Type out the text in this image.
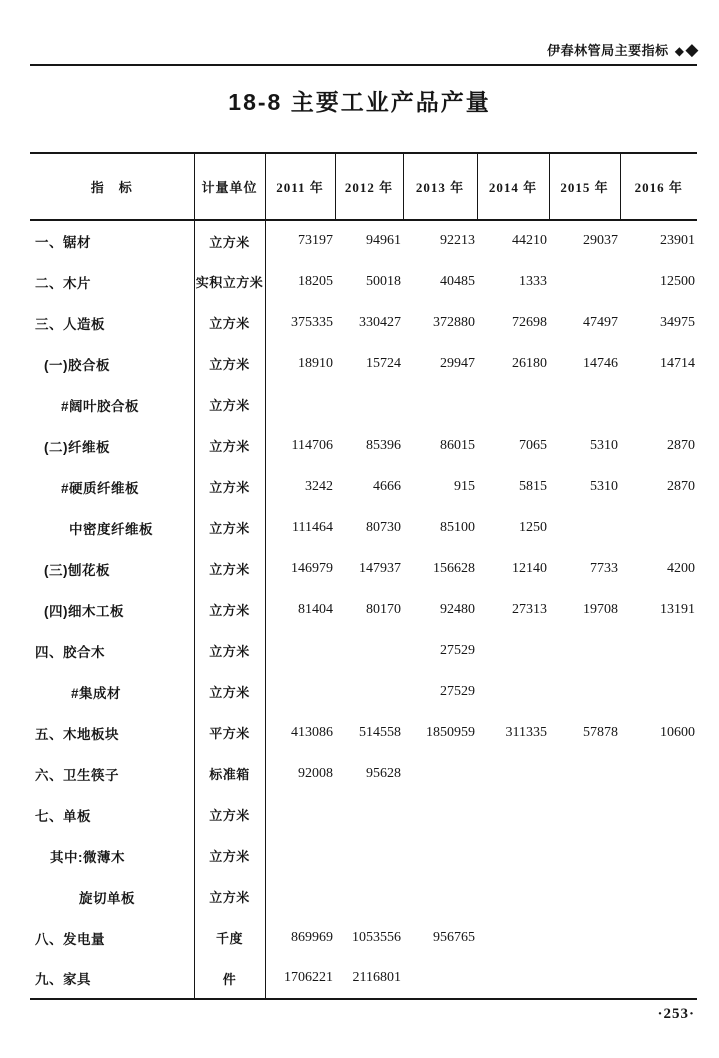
伊春林管局主要指标 ◆◆
18-8 主要工业产品产量
指　标	计量单位	2011 年	2012 年	2013 年	2014 年	2015 年	2016 年
一、锯材	立方米	73197	94961	92213	44210	29037	23901
二、木片	实积立方米	18205	50018	40485	1333		12500
三、人造板	立方米	375335	330427	372880	72698	47497	34975
(一)胶合板	立方米	18910	15724	29947	26180	14746	14714
#阔叶胶合板	立方米						
(二)纤维板	立方米	114706	85396	86015	7065	5310	2870
#硬质纤维板	立方米	3242	4666	915	5815	5310	2870
中密度纤维板	立方米	111464	80730	85100	1250		
(三)刨花板	立方米	146979	147937	156628	12140	7733	4200
(四)细木工板	立方米	81404	80170	92480	27313	19708	13191
四、胶合木	立方米			27529			
#集成材	立方米			27529			
五、木地板块	平方米	413086	514558	1850959	311335	57878	10600
六、卫生筷子	标准箱	92008	95628				
七、单板	立方米						
其中:微薄木	立方米						
旋切单板	立方米						
八、发电量	千度	869969	1053556	956765			
九、家具	件	1706221	2116801				
·253·
